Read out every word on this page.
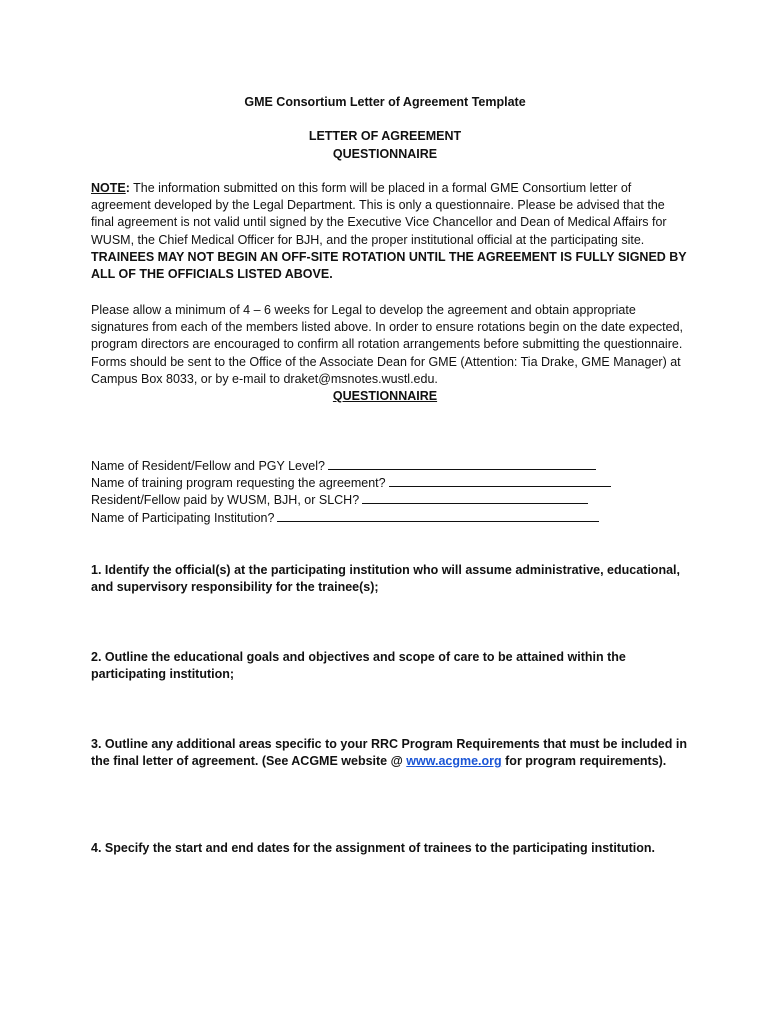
GME Consortium Letter of Agreement Template
LETTER OF AGREEMENT
QUESTIONNAIRE
NOTE: The information submitted on this form will be placed in a formal GME Consortium letter of agreement developed by the Legal Department. This is only a questionnaire. Please be advised that the final agreement is not valid until signed by the Executive Vice Chancellor and Dean of Medical Affairs for WUSM, the Chief Medical Officer for BJH, and the proper institutional official at the participating site. TRAINEES MAY NOT BEGIN AN OFF-SITE ROTATION UNTIL THE AGREEMENT IS FULLY SIGNED BY ALL OF THE OFFICIALS LISTED ABOVE.
Please allow a minimum of 4 – 6 weeks for Legal to develop the agreement and obtain appropriate signatures from each of the members listed above. In order to ensure rotations begin on the date expected, program directors are encouraged to confirm all rotation arrangements before submitting the questionnaire. Forms should be sent to the Office of the Associate Dean for GME (Attention: Tia Drake, GME Manager) at Campus Box 8033, or by e-mail to draket@msnotes.wustl.edu.
QUESTIONNAIRE
Name of Resident/Fellow and PGY Level?
Name of training program requesting the agreement?
Resident/Fellow paid by WUSM, BJH, or SLCH?
Name of Participating Institution?
1. Identify the official(s) at the participating institution who will assume administrative, educational, and supervisory responsibility for the trainee(s);
2. Outline the educational goals and objectives and scope of care to be attained within the participating institution;
3. Outline any additional areas specific to your RRC Program Requirements that must be included in the final letter of agreement. (See ACGME website @ www.acgme.org for program requirements).
4. Specify the start and end dates for the assignment of trainees to the participating institution.
